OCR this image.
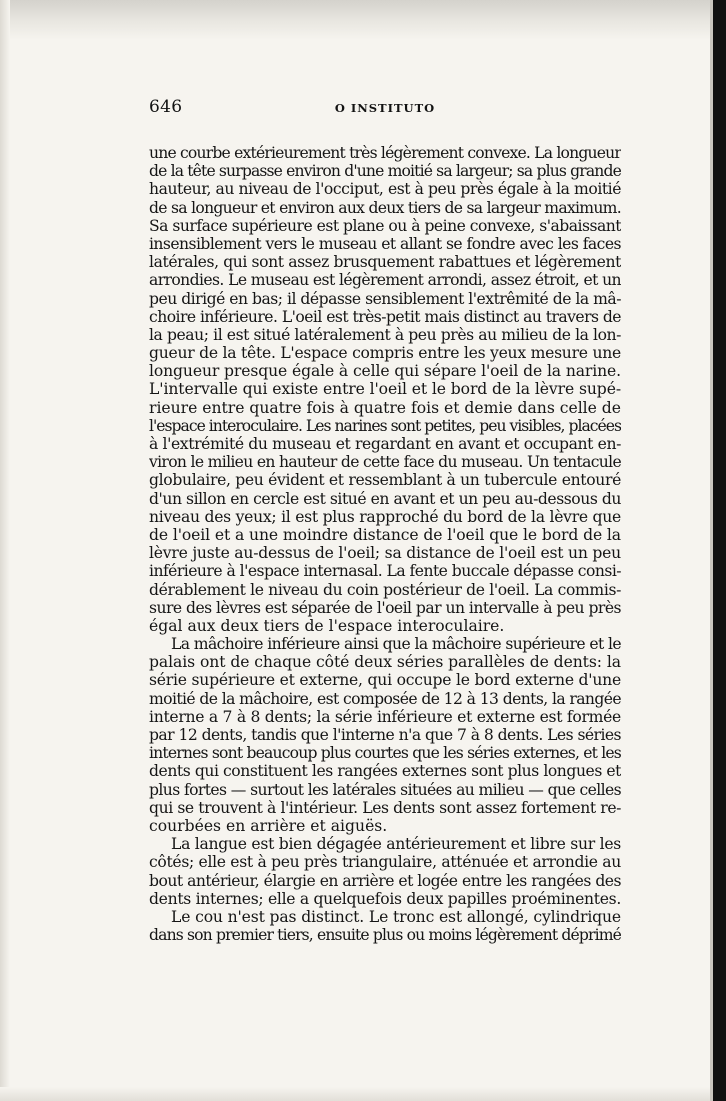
646	O INSTITUTO
une courbe extérieurement très légèrement convexe. La longueur
de la tête surpasse environ d'une moitié sa largeur; sa plus grande
hauteur, au niveau de l'occiput, est à peu près égale à la moitié
de sa longueur et environ aux deux tiers de sa largeur maximum.
Sa surface supérieure est plane ou à peine convexe, s'abaissant
insensiblement vers le museau et allant se fondre avec les faces
latérales, qui sont assez brusquement rabattues et légèrement
arrondies. Le museau est légèrement arrondi, assez étroit, et un
peu dirigé en bas; il dépasse sensiblement l'extrêmité de la mâ-
choire inférieure. L'oeil est très-petit mais distinct au travers de
la peau; il est situé latéralement à peu près au milieu de la lon-
gueur de la tête. L'espace compris entre les yeux mesure une
longueur presque égale à celle qui sépare l'oeil de la narine.
L'intervalle qui existe entre l'oeil et le bord de la lèvre supé-
rieure entre quatre fois à quatre fois et demie dans celle de
l'espace interoculaire. Les narines sont petites, peu visibles, placées
à l'extrémité du museau et regardant en avant et occupant en-
viron le milieu en hauteur de cette face du museau. Un tentacule
globulaire, peu évident et ressemblant à un tubercule entouré
d'un sillon en cercle est situé en avant et un peu au-dessous du
niveau des yeux; il est plus rapproché du bord de la lèvre que
de l'oeil et a une moindre distance de l'oeil que le bord de la
lèvre juste au-dessus de l'oeil; sa distance de l'oeil est un peu
inférieure à l'espace internasal. La fente buccale dépasse consi-
dérablement le niveau du coin postérieur de l'oeil. La commis-
sure des lèvres est séparée de l'oeil par un intervalle à peu près
égal aux deux tiers de l'espace interoculaire.
La mâchoire inférieure ainsi que la mâchoire supérieure et le
palais ont de chaque côté deux séries parallèles de dents: la
série supérieure et externe, qui occupe le bord externe d'une
moitié de la mâchoire, est composée de 12 à 13 dents, la rangée
interne a 7 à 8 dents; la série inférieure et externe est formée
par 12 dents, tandis que l'interne n'a que 7 à 8 dents. Les séries
internes sont beaucoup plus courtes que les séries externes, et les
dents qui constituent les rangées externes sont plus longues et
plus fortes — surtout les latérales situées au milieu — que celles
qui se trouvent à l'intérieur. Les dents sont assez fortement re-
courbées en arrière et aiguës.
La langue est bien dégagée antérieurement et libre sur les
côtés; elle est à peu près triangulaire, atténuée et arrondie au
bout antérieur, élargie en arrière et logée entre les rangées des
dents internes; elle a quelquefois deux papilles proéminentes.
Le cou n'est pas distinct. Le tronc est allongé, cylindrique
dans son premier tiers, ensuite plus ou moins légèrement déprimé
